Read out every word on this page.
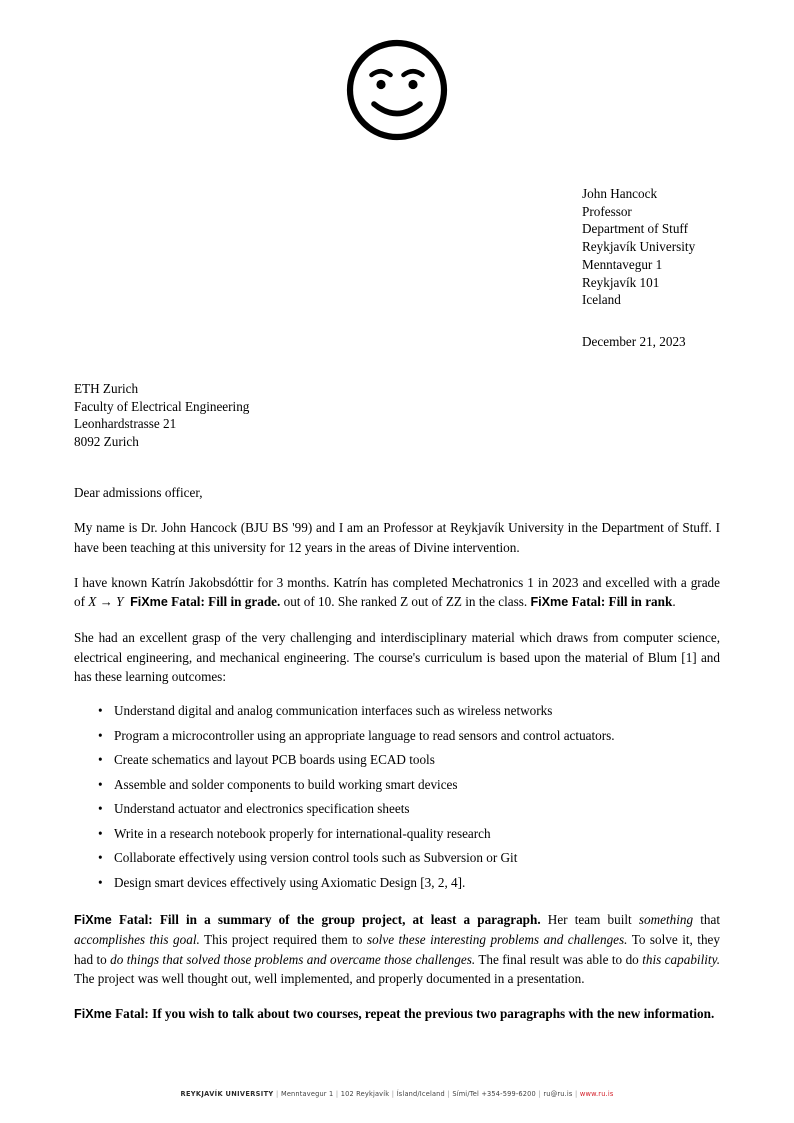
John Hancock
Professor
Department of Stuff
Reykjavík University
Menntavegur 1
Reykjavík 101
Iceland
December 21, 2023
ETH Zurich
Faculty of Electrical Engineering
Leonhardstrasse 21
8092 Zurich

Dear admissions officer,

My name is Dr. John Hancock (BJU BS '99) and I am an Professor at Reykjavík University in the Department of Stuff. I have been teaching at this university for 12 years in the areas of Divine intervention.

I have known Katrín Jakobsdóttir for 3 months. Katrín has completed Mechatronics 1 in 2023 and excelled with a grade of X → Y FiXme Fatal: Fill in grade. out of 10. She ranked Z out of ZZ in the class. FiXme Fatal: Fill in rank.

She had an excellent grasp of the very challenging and interdisciplinary material which draws from computer science, electrical engineering, and mechanical engineering. The course's curriculum is based upon the material of Blum [1] and has these learning outcomes:

• Understand digital and analog communication interfaces such as wireless networks
• Program a microcontroller using an appropriate language to read sensors and control actuators.
• Create schematics and layout PCB boards using ECAD tools
• Assemble and solder components to build working smart devices
• Understand actuator and electronics specification sheets
• Write in a research notebook properly for international-quality research
• Collaborate effectively using version control tools such as Subversion or Git
• Design smart devices effectively using Axiomatic Design [3, 2, 4].

FiXme Fatal: Fill in a summary of the group project, at least a paragraph. Her team built something that accomplishes this goal. This project required them to solve these interesting problems and challenges. To solve it, they had to do things that solved those problems and overcame those challenges. The final result was able to do this capability. The project was well thought out, well implemented, and properly documented in a presentation.

FiXme Fatal: If you wish to talk about two courses, repeat the previous two paragraphs with the new information.

REYKJAVÍK UNIVERSITY | Menntavegur 1 | 102 Reykjavík | Ísland/Iceland | Sími/Tel +354-599-6200 | ru@ru.is | www.ru.is
